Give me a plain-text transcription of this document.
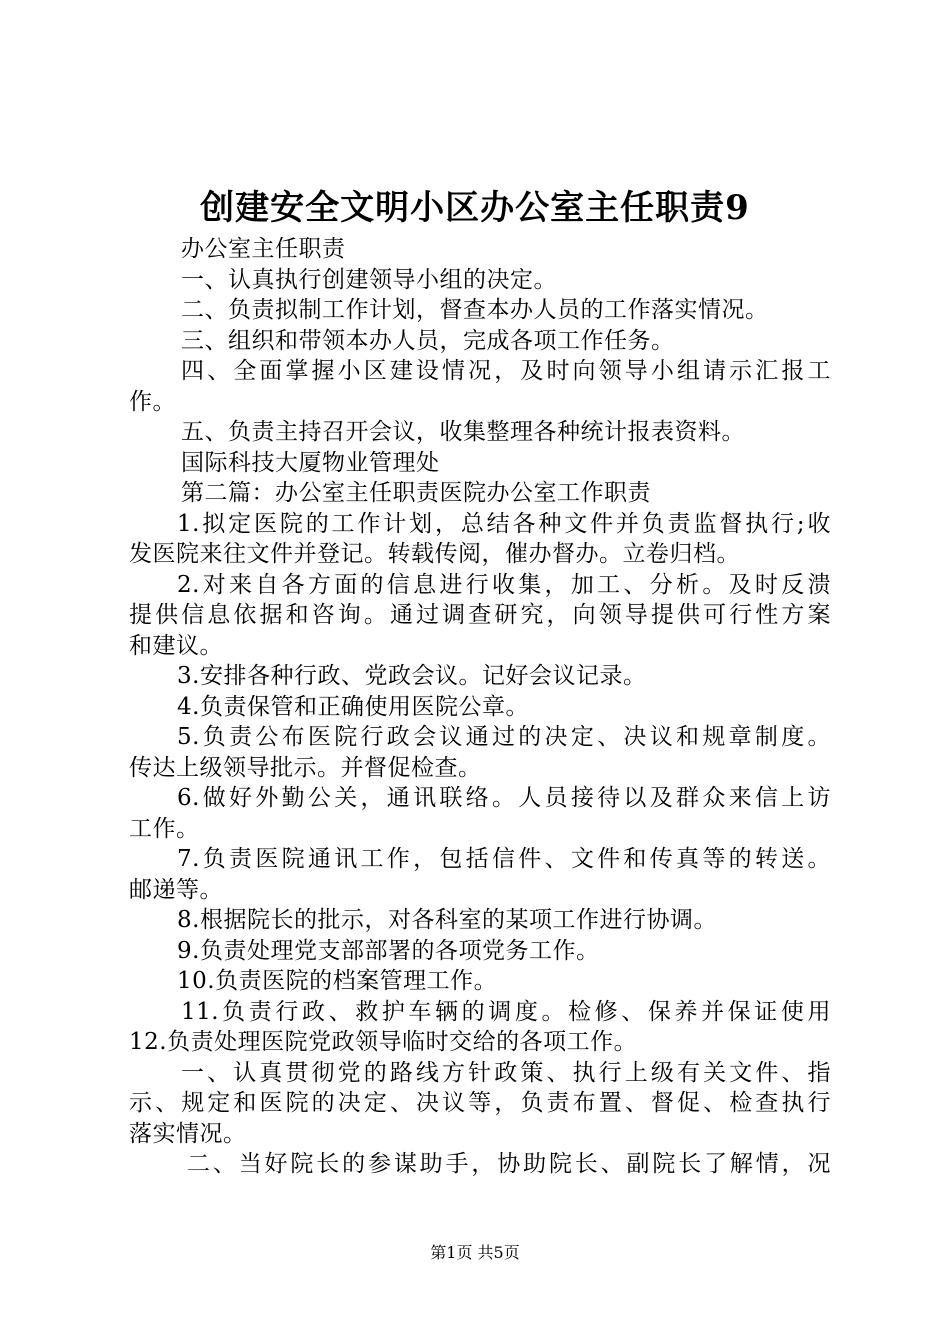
创建安全文明小区办公室主任职责9
办公室主任职责
一、认真执行创建领导小组的决定。
二、负责拟制工作计划，督查本办人员的工作落实情况。
三、组织和带领本办人员，完成各项工作任务。
四、全面掌握小区建设情况，及时向领导小组请示汇报工
作。
五、负责主持召开会议，收集整理各种统计报表资料。
国际科技大厦物业管理处
第二篇：办公室主任职责医院办公室工作职责
1.拟定医院的工作计划，总结各种文件并负责监督执行;收
发医院来往文件并登记。转载传阅，催办督办。立卷归档。
2.对来自各方面的信息进行收集，加工、分析。及时反溃
提供信息依据和咨询。通过调查研究，向领导提供可行性方案
和建议。
3.安排各种行政、党政会议。记好会议记录。
4.负责保管和正确使用医院公章。
5.负责公布医院行政会议通过的决定、决议和规章制度。
传达上级领导批示。并督促检查。
6.做好外勤公关，通讯联络。人员接待以及群众来信上访
工作。
7.负责医院通讯工作，包括信件、文件和传真等的转送。
邮递等。
8.根据院长的批示，对各科室的某项工作进行协调。
9.负责处理党支部部署的各项党务工作。
10.负责医院的档案管理工作。
11.负责行政、救护车辆的调度。检修、保养并保证使用
12.负责处理医院党政领导临时交给的各项工作。
一、认真贯彻党的路线方针政策、执行上级有关文件、指
示、规定和医院的决定、决议等，负责布置、督促、检查执行
落实情况。
二、当好院长的参谋助手，协助院长、副院长了解情，况
第1页 共5页
